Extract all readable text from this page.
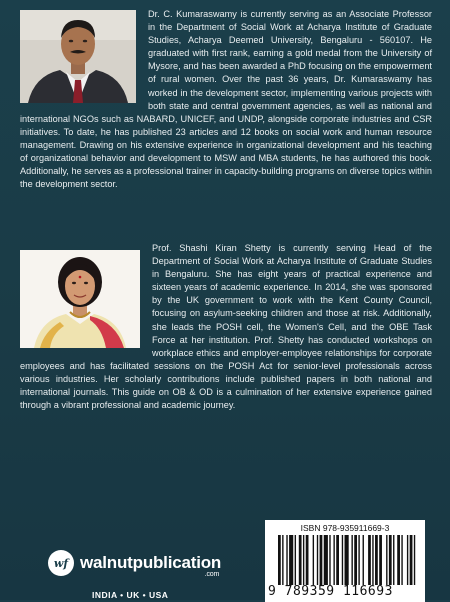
Dr. C. Kumaraswamy is currently serving as an Associate Professor in the Department of Social Work at Acharya Institute of Graduate Studies, Acharya Deemed University, Bengaluru - 560107. He graduated with first rank, earning a gold medal from the University of Mysore, and has been awarded a PhD focusing on the empowerment of rural women. Over the past 36 years, Dr. Kumaraswamy has worked in the development sector, implementing various projects with both state and central government agencies, as well as national and international NGOs such as NABARD, UNICEF, and UNDP, alongside corporate industries and CSR initiatives. To date, he has published 23 articles and 12 books on social work and human resource management. Drawing on his extensive experience in organizational development and his teaching of organizational behavior and development to MSW and MBA students, he has authored this book. Additionally, he serves as a professional trainer in capacity-building programs on diverse topics within the development sector.

Prof. Shashi Kiran Shetty is currently serving Head of the Department of Social Work at Acharya Institute of Graduate Studies in Bengaluru. She has eight years of practical experience and sixteen years of academic experience. In 2014, she was sponsored by the UK government to work with the Kent County Council, focusing on asylum-seeking children and those at risk. Additionally, she leads the POSH cell, the Women's Cell, and the OBE Task Force at her institution. Prof. Shetty has conducted workshops on workplace ethics and employer-employee relationships for corporate employees and has facilitated sessions on the POSH Act for senior-level professionals across various industries. Her scholarly contributions include published papers in both national and international journals. This guide on OB & OD is a culmination of her extensive experience gained through a vibrant professional and academic journey.

wf walnutpublication
.com
INDIA • UK • USA
ISBN 978-935911669-3
9 789359 116693
